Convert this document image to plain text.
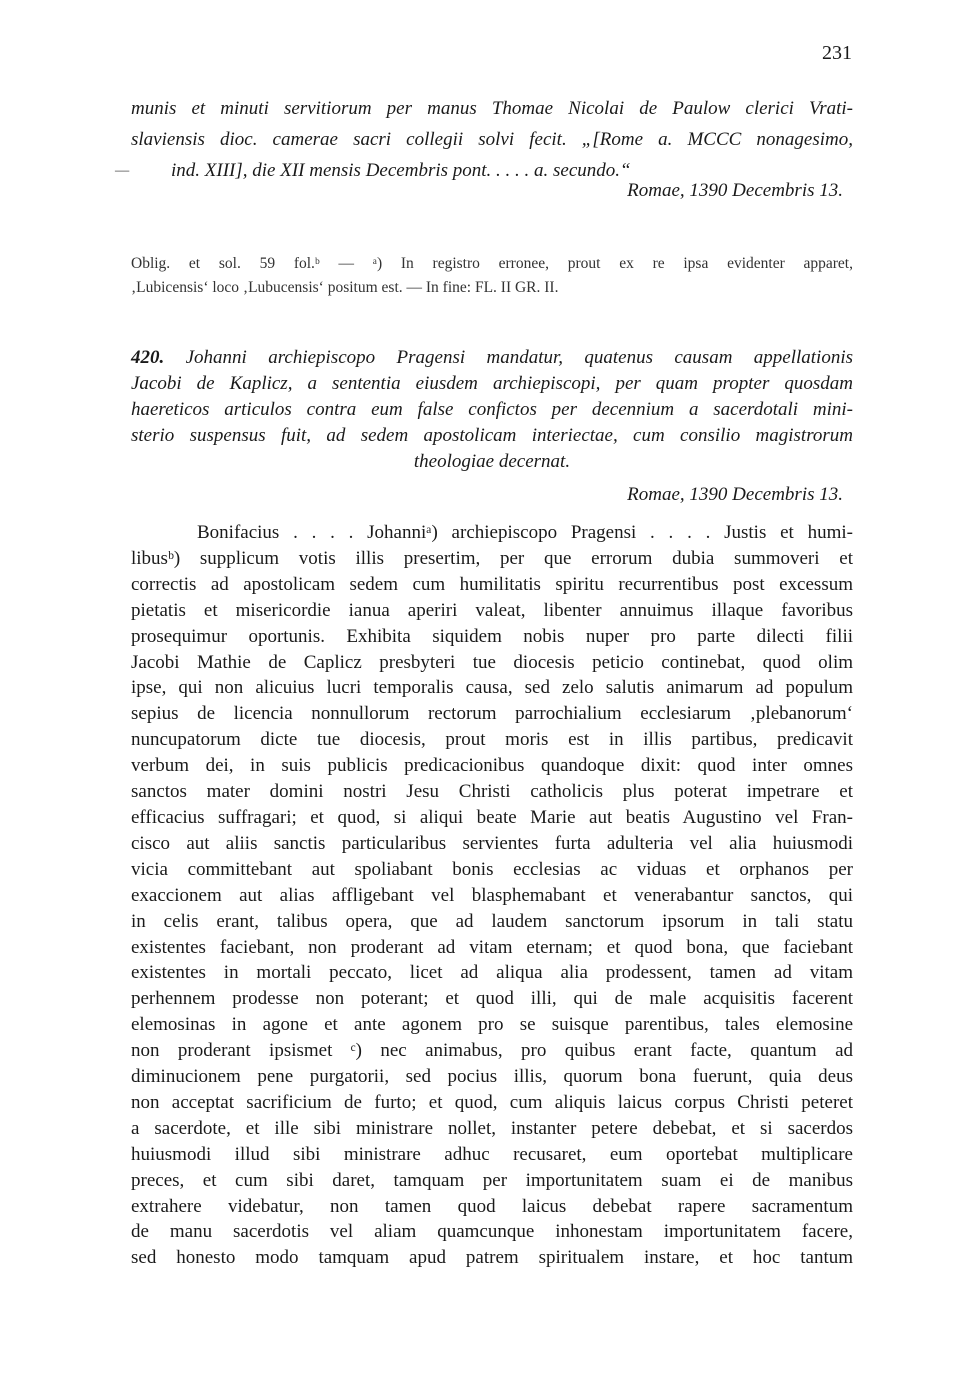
231
—
munis et minuti servitiorum per manus Thomae Nicolai de Paulow clerici Vrati-
slaviensis dioc. camerae sacri collegii solvi fecit. „[Rome a. MCCC nonagesimo,
ind. XIII], die XII mensis Decembris pont. . . . . a. secundo.“
Romae, 1390 Decembris 13.
Oblig. et sol. 59 fol.ᵇ — ᵃ) In registro erronee, prout ex re ipsa evidenter apparet,
‚Lubicensis‘ loco ‚Lubucensis‘ positum est. — In fine: FL. II GR. II.
420. Johanni archiepiscopo Pragensi mandatur, quatenus causam appellationis
Jacobi de Kaplicz, a sententia eiusdem archiepiscopi, per quam propter quosdam
haereticos articulos contra eum false confictos per decennium a sacerdotali mini-
sterio suspensus fuit, ad sedem apostolicam interiectae, cum consilio magistrorum
theologiae decernat.
Romae, 1390 Decembris 13.
Bonifacius . . . . Johanniᵃ) archiepiscopo Pragensi . . . . Justis et humi-
libusᵇ) supplicum votis illis presertim, per que errorum dubia summoveri et
correctis ad apostolicam sedem cum humilitatis spiritu recurrentibus post excessum
pietatis et misericordie ianua aperiri valeat, libenter annuimus illaque favoribus
prosequimur oportunis. Exhibita siquidem nobis nuper pro parte dilecti filii
Jacobi Mathie de Caplicz presbyteri tue diocesis peticio continebat, quod olim
ipse, qui non alicuius lucri temporalis causa, sed zelo salutis animarum ad populum
sepius de licencia nonnullorum rectorum parrochialium ecclesiarum ‚plebanorum‘
nuncupatorum dicte tue diocesis, prout moris est in illis partibus, predicavit
verbum dei, in suis publicis predicacionibus quandoque dixit: quod inter omnes
sanctos mater domini nostri Jesu Christi catholicis plus poterat impetrare et
efficacius suffragari; et quod, si aliqui beate Marie aut beatis Augustino vel Fran-
cisco aut aliis sanctis particularibus servientes furta adulteria vel alia huiusmodi
vicia committebant aut spoliabant bonis ecclesias ac viduas et orphanos per
exaccionem aut alias affligebant vel blasphemabant et venerabantur sanctos, qui
in celis erant, talibus opera, que ad laudem sanctorum ipsorum in tali statu
existentes faciebant, non proderant ad vitam eternam; et quod bona, que faciebant
existentes in mortali peccato, licet ad aliqua alia prodessent, tamen ad vitam
perhennem prodesse non poterant; et quod illi, qui de male acquisitis facerent
elemosinas in agone et ante agonem pro se suisque parentibus, tales elemosine
non proderant ipsismet ᶜ) nec animabus, pro quibus erant facte, quantum ad
diminucionem pene purgatorii, sed pocius illis, quorum bona fuerunt, quia deus
non acceptat sacrificium de furto; et quod, cum aliquis laicus corpus Christi peteret
a sacerdote, et ille sibi ministrare nollet, instanter petere debebat, et si sacerdos
huiusmodi illud sibi ministrare adhuc recusaret, eum oportebat multiplicare
preces, et cum sibi daret, tamquam per importunitatem suam ei de manibus
extrahere videbatur, non tamen quod laicus debebat rapere sacramentum
de manu sacerdotis vel aliam quamcunque inhonestam importunitatem facere,
sed honesto modo tamquam apud patrem spiritualem instare, et hoc tantum
